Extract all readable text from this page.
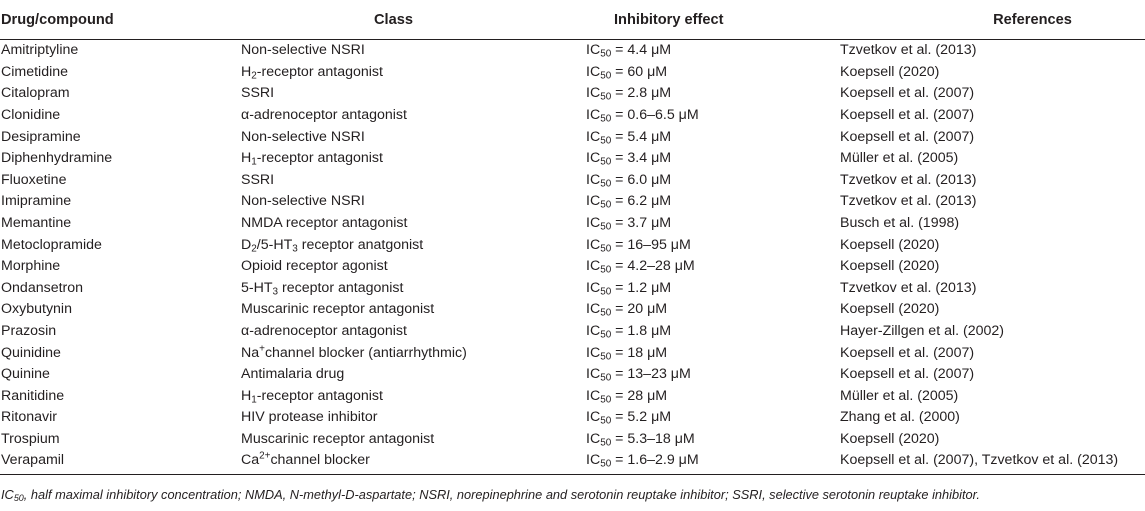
Drug/compound	Class	Inhibitory effect	References
Amitriptyline	Non-selective NSRI	$IC_{50} = 4.4$ μM	Tzvetkov et al. (2013)
Cimetidine	$H_2$-receptor antagonist	$IC_{50} = 60$ μM	Koepsell (2020)
Citalopram	SSRI	$IC_{50} = 2.8$ μM	Koepsell et al. (2007)
Clonidine	α-adrenoceptor antagonist	$IC_{50} = 0.6-6.5$ μM	Koepsell et al. (2007)
Desipramine	Non-selective NSRI	$IC_{50} = 5.4$ μM	Koepsell et al. (2007)
Diphenhydramine	$H_1$-receptor antagonist	$IC_{50} = 3.4$ μM	Müller et al. (2005)
Fluoxetine	SSRI	$IC_{50} = 6.0$ μM	Tzvetkov et al. (2013)
Imipramine	Non-selective NSRI	$IC_{50} = 6.2$ μM	Tzvetkov et al. (2013)
Memantine	NMDA receptor antagonist	$IC_{50} = 3.7$ μM	Busch et al. (1998)
Metoclopramide	$D_2/5-HT_3$ receptor anatgonist	$IC_{50} = 16-95$ μM	Koepsell (2020)
Morphine	Opioid receptor agonist	$IC_{50} = 4.2-28$ μM	Koepsell (2020)
Ondansetron	$5-HT_3$ receptor antagonist	$IC_{50} = 1.2$ μM	Tzvetkov et al. (2013)
Oxybutynin	Muscarinic receptor antagonist	$IC_{50} = 20$ μM	Koepsell (2020)
Prazosin	α-adrenoceptor antagonist	$IC_{50} = 1.8$ μM	Hayer-Zillgen et al. (2002)
Quinidine	Na+channel blocker (antiarrhythmic)	$IC_{50} = 18$ μM	Koepsell et al. (2007)
Quinine	Antimalaria drug	$IC_{50} = 13-23$ μM	Koepsell et al. (2007)
Ranitidine	$H_1$-receptor antagonist	$IC_{50} = 28$ μM	Müller et al. (2005)
Ritonavir	HIV protease inhibitor	$IC_{50} = 5.2$ μM	Zhang et al. (2000)
Trospium	Muscarinic receptor antagonist	$IC_{50} = 5.3-18$ μM	Koepsell (2020)
Verapamil	$Ca^{2+}channel$ blocker	$IC_{50} = 1.6-2.9$ μM	Koepsell et al. (2007), Tzvetkov et al. (2013)
$IC_{50}$, half maximal inhibitory concentration; NMDA, N-methyl-D-aspartate; NSRI, norepinephrine and serotonin reuptake inhibitor; SSRI, selective serotonin reuptake inhibitor.
